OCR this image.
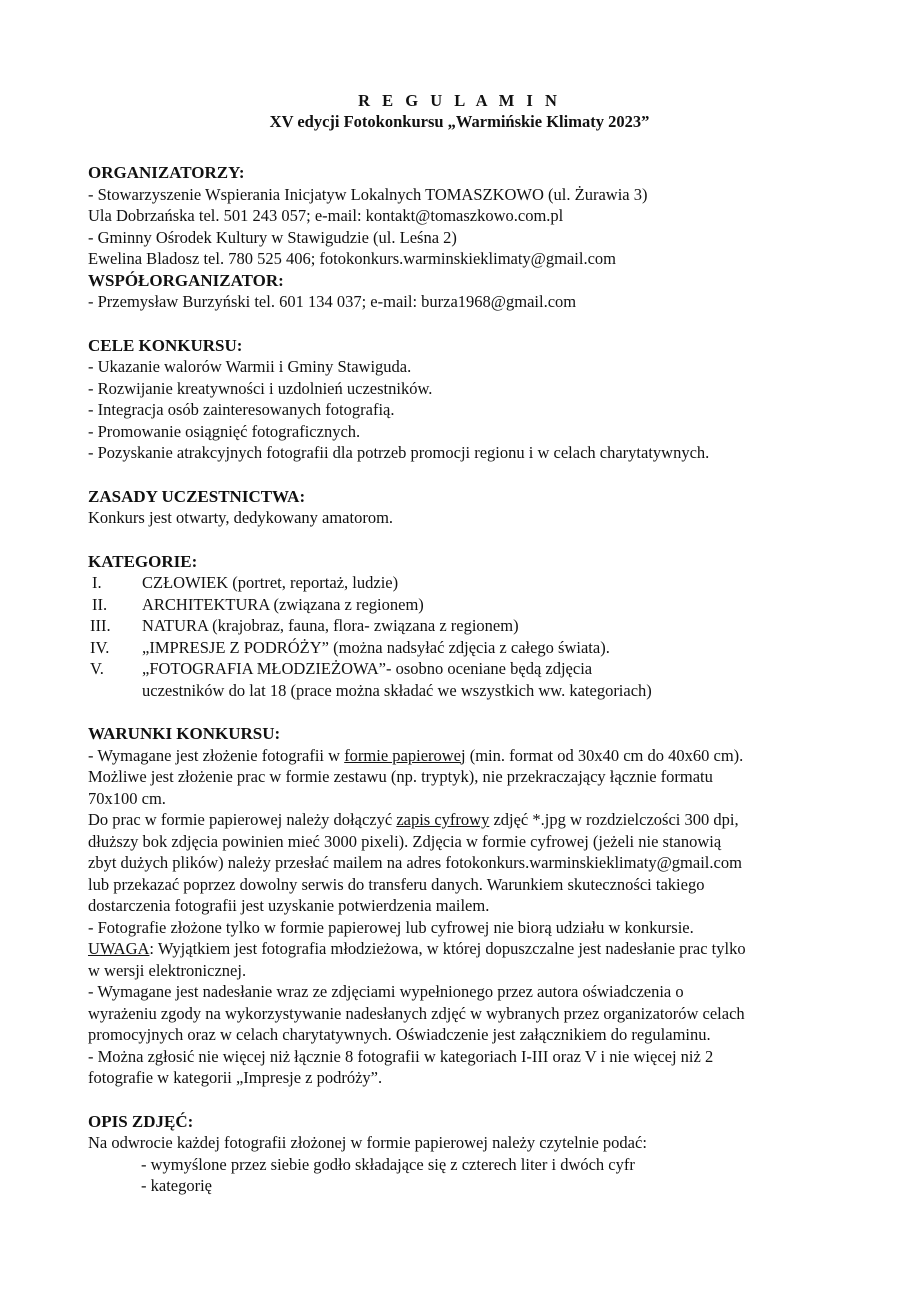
R E G U L A M I N
XV edycji Fotokonkursu „Warmińskie Klimaty 2023”
ORGANIZATORZY:
- Stowarzyszenie Wspierania Inicjatyw Lokalnych TOMASZKOWO (ul. Żurawia 3)
Ula Dobrzańska tel. 501 243 057; e-mail: kontakt@tomaszkowo.com.pl
- Gminny Ośrodek Kultury w Stawigudzie (ul. Leśna 2)
Ewelina Bladosz tel. 780 525 406; fotokonkurs.warminskieklimaty@gmail.com
WSPÓŁORGANIZATOR:
- Przemysław Burzyński tel. 601 134 037; e-mail: burza1968@gmail.com
CELE KONKURSU:
- Ukazanie walorów Warmii i Gminy Stawiguda.
- Rozwijanie kreatywności i uzdolnień uczestników.
- Integracja osób zainteresowanych fotografią.
- Promowanie osiągnięć fotograficznych.
- Pozyskanie atrakcyjnych fotografii dla potrzeb promocji regionu i w celach charytatywnych.
ZASADY UCZESTNICTWA:
Konkurs jest otwarty, dedykowany amatorom.
KATEGORIE:
I.	CZŁOWIEK (portret, reportaż, ludzie)
II.	ARCHITEKTURA (związana z regionem)
III.	NATURA (krajobraz, fauna, flora- związana z regionem)
IV.	„IMPRESJE Z PODRÓŻY” (można nadsyłać zdjęcia z całego świata).
V.	„FOTOGRAFIA MŁODZIEŻOWA”- osobno oceniane będą zdjęcia
uczestników do lat 18 (prace można składać we wszystkich ww. kategoriach)
WARUNKI KONKURSU:
- Wymagane jest złożenie fotografii w formie papierowej (min. format od 30x40 cm do 40x60 cm).
Możliwe jest złożenie prac w formie zestawu (np. tryptyk), nie przekraczający łącznie formatu
70x100 cm.
Do prac w formie papierowej należy dołączyć zapis cyfrowy zdjęć *.jpg w rozdzielczości 300 dpi,
dłuższy bok zdjęcia powinien mieć 3000 pixeli). Zdjęcia w formie cyfrowej (jeżeli nie stanowią
zbyt dużych plików) należy przesłać mailem na adres fotokonkurs.warminskieklimaty@gmail.com
lub przekazać poprzez dowolny serwis do transferu danych. Warunkiem skuteczności takiego
dostarczenia fotografii jest uzyskanie potwierdzenia mailem.
- Fotografie złożone tylko w formie papierowej lub cyfrowej nie biorą udziału w konkursie.
UWAGA: Wyjątkiem jest fotografia młodzieżowa, w której dopuszczalne jest nadesłanie prac tylko
w wersji elektronicznej.
- Wymagane jest nadesłanie wraz ze zdjęciami wypełnionego przez autora oświadczenia o
wyrażeniu zgody na wykorzystywanie nadesłanych zdjęć w wybranych przez organizatorów celach
promocyjnych oraz w celach charytatywnych. Oświadczenie jest załącznikiem do regulaminu.
- Można zgłosić nie więcej niż łącznie 8 fotografii w kategoriach I-III oraz V i nie więcej niż 2
fotografie w kategorii „Impresje z podróży”.
OPIS ZDJĘĆ:
Na odwrocie każdej fotografii złożonej w formie papierowej należy czytelnie podać:
- wymyślone przez siebie godło składające się z czterech liter i dwóch cyfr
- kategorię
